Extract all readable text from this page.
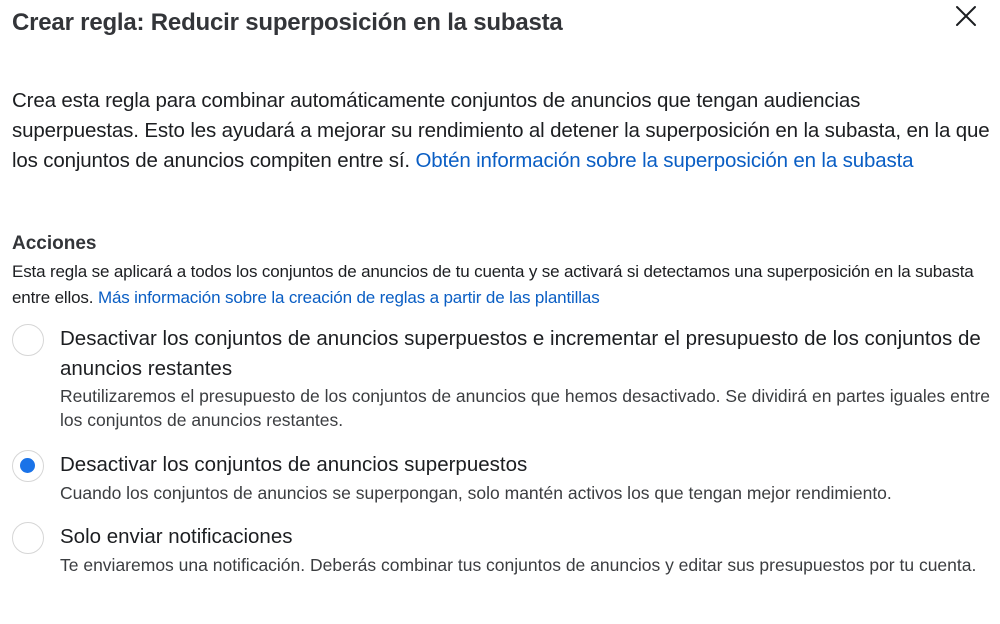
Crear regla: Reducir superposición en la subasta
Crea esta regla para combinar automáticamente conjuntos de anuncios que tengan audiencias superpuestas. Esto les ayudará a mejorar su rendimiento al detener la superposición en la subasta, en la que los conjuntos de anuncios compiten entre sí. Obtén información sobre la superposición en la subasta
Acciones
Esta regla se aplicará a todos los conjuntos de anuncios de tu cuenta y se activará si detectamos una superposición en la subasta entre ellos. Más información sobre la creación de reglas a partir de las plantillas
Desactivar los conjuntos de anuncios superpuestos e incrementar el presupuesto de los conjuntos de anuncios restantes
Reutilizaremos el presupuesto de los conjuntos de anuncios que hemos desactivado. Se dividirá en partes iguales entre los conjuntos de anuncios restantes.
Desactivar los conjuntos de anuncios superpuestos
Cuando los conjuntos de anuncios se superpongan, solo mantén activos los que tengan mejor rendimiento.
Solo enviar notificaciones
Te enviaremos una notificación. Deberás combinar tus conjuntos de anuncios y editar sus presupuestos por tu cuenta.
